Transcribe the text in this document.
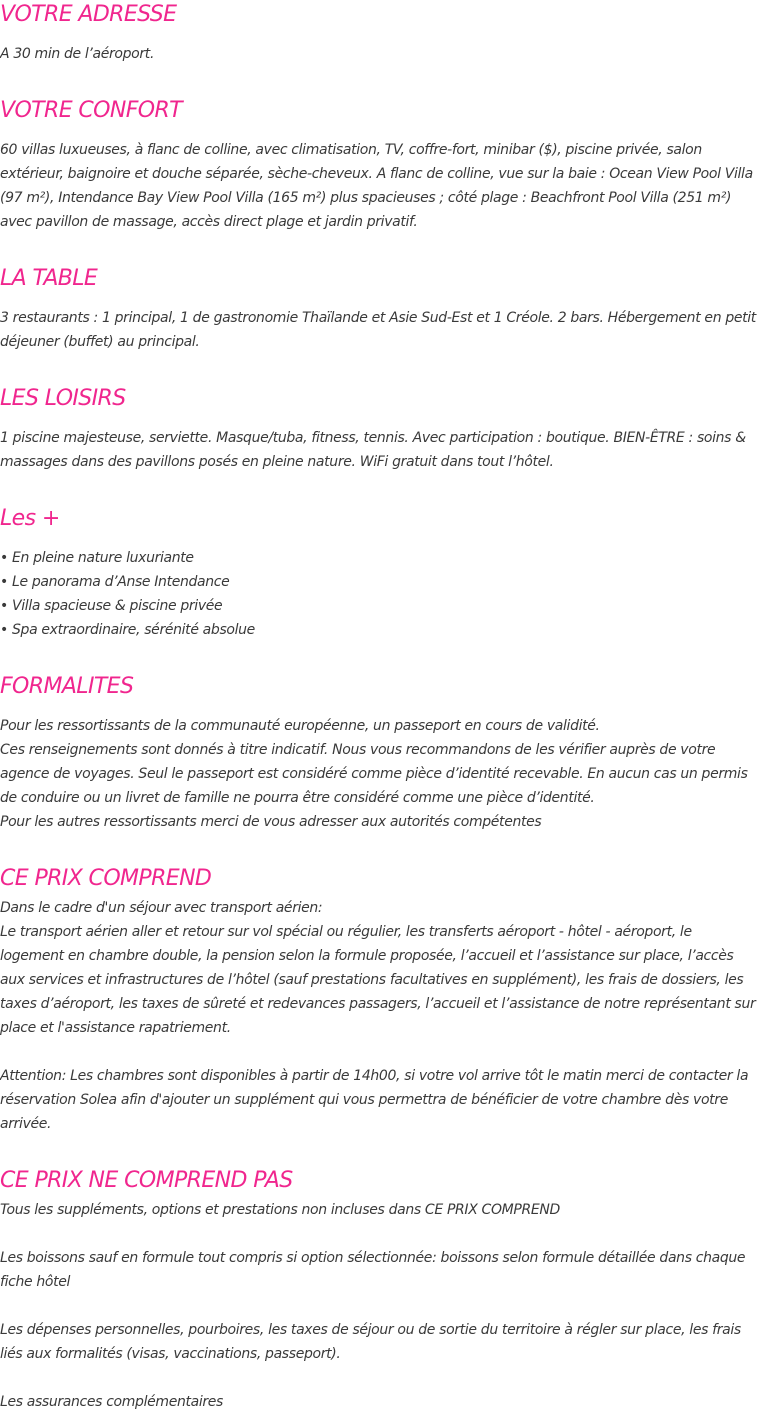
VOTRE ADRESSE

A 30 min de l’aéroport.

VOTRE CONFORT

60 villas luxueuses, à flanc de colline, avec climatisation, TV, coffre-fort, minibar ($), piscine privée, salon extérieur, baignoire et douche séparée, sèche-cheveux. A flanc de colline, vue sur la baie : Ocean View Pool Villa (97 m²), Intendance Bay View Pool Villa (165 m²) plus spacieuses ; côté plage : Beachfront Pool Villa (251 m²) avec pavillon de massage, accès direct plage et jardin privatif.

LA TABLE

3 restaurants : 1 principal, 1 de gastronomie Thaïlande et Asie Sud-Est et 1 Créole. 2 bars. Hébergement en petit déjeuner (buffet) au principal.

LES LOISIRS

1 piscine majesteuse, serviette. Masque/tuba, fitness, tennis. Avec participation : boutique. BIEN-ÊTRE : soins & massages dans des pavillons posés en pleine nature. WiFi gratuit dans tout l’hôtel.

Les +
• En pleine nature luxuriante
• Le panorama d’Anse Intendance
• Villa spacieuse & piscine privée
• Spa extraordinaire, sérénité absolue
FORMALITES

Pour les ressortissants de la communauté européenne, un passeport en cours de validité.

Ces renseignements sont donnés à titre indicatif. Nous vous recommandons de les vérifier auprès de votre agence de voyages. Seul le passeport est considéré comme pièce d’identité recevable. En aucun cas un permis de conduire ou un livret de famille ne pourra être considéré comme une pièce d’identité.

Pour les autres ressortissants merci de vous adresser aux autorités compétentes

CE PRIX COMPREND

Dans le cadre d'un séjour avec transport aérien:

Le transport aérien aller et retour sur vol spécial ou régulier, les transferts aéroport - hôtel - aéroport, le logement en chambre double, la pension selon la formule proposée, l’accueil et l’assistance sur place, l’accès aux services et infrastructures de l’hôtel (sauf prestations facultatives en supplément), les frais de dossiers, les taxes d’aéroport, les taxes de sûreté et redevances passagers, l’accueil et l’assistance de notre représentant sur place et l'assistance rapatriement.

Attention: Les chambres sont disponibles à partir de 14h00, si votre vol arrive tôt le matin merci de contacter la réservation Solea afin d'ajouter un supplément qui vous permettra de bénéficier de votre chambre dès votre arrivée.

CE PRIX NE COMPREND PAS

Tous les suppléments, options et prestations non incluses dans CE PRIX COMPREND

Les boissons sauf en formule tout compris si option sélectionnée: boissons selon formule détaillée dans chaque fiche hôtel

Les dépenses personnelles, pourboires, les taxes de séjour ou de sortie du territoire à régler sur place, les frais liés aux formalités (visas, vaccinations, passeport).

Les assurances complémentaires
